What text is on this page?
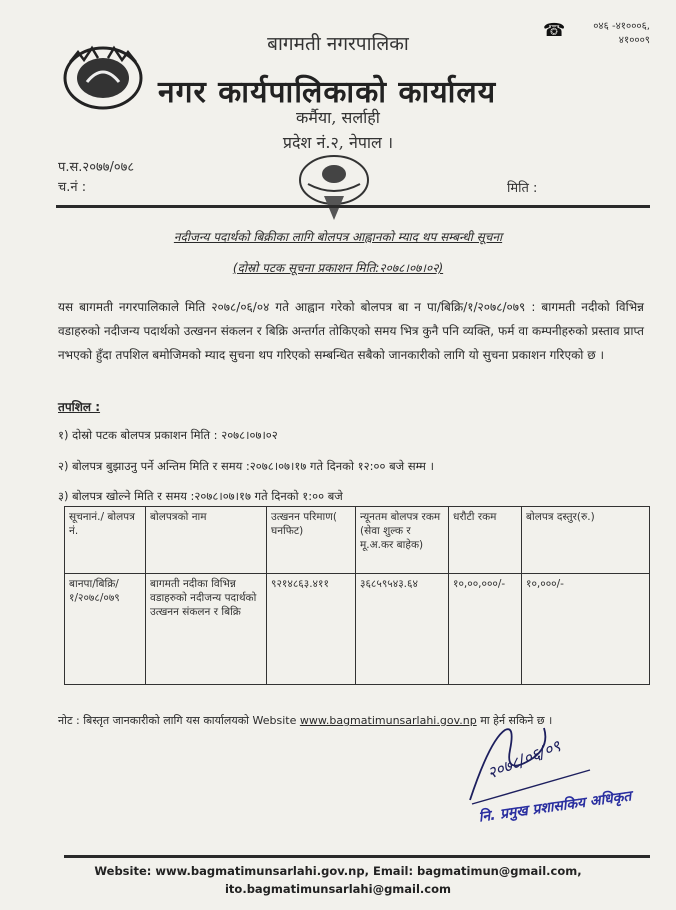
☎	०४६ -४१०००६,
४१०००९
बागमती नगरपालिका
नगर कार्यपालिकाको कार्यालय
कर्मैया, सर्लाही
प्रदेश नं.२, नेपाल ।
प.स.२०७७/०७८
च.नं :	मिति :
नदीजन्य पदार्थको बिक्रीका लागि बोलपत्र आह्वानको म्याद थप सम्बन्धी सूचना
(दोस्रो पटक सूचना प्रकाशन मिति:२०७८।०७।०२)
यस बागमती नगरपालिकाले मिति २०७८/०६/०४ गते आह्वान गरेको बोलपत्र बा न पा/बिक्रि/१/२०७८/०७९ : बागमती नदीको विभिन्न वडाहरुको नदीजन्य पदार्थको उत्खनन संकलन र बिक्रि अन्तर्गत तोकिएको समय भित्र कुनै पनि व्यक्ति, फर्म वा कम्पनीहरुको प्रस्ताव प्राप्त नभएको हुँदा तपशिल बमोजिमको म्याद सुचना थप गरिएको सम्बन्धित सबैको जानकारीको लागि यो सुचना प्रकाशन गरिएको छ ।
तपशिल :
१) दोस्रो पटक बोलपत्र प्रकाशन मिति : २०७८।०७।०२
२) बोलपत्र बुझाउनु पर्ने अन्तिम मिति र समय :२०७८।०७।१७ गते दिनको १२:०० बजे सम्म ।
३) बोलपत्र खोल्ने मिति र समय :२०७८।०७।१७ गते दिनको १:०० बजे
सूचनानं./ बोलपत्र नं.	बोलपत्रको नाम	उत्खनन परिमाण( घनफिट)	न्यूनतम बोलपत्र रकम (सेवा शुल्क र मू.अ.कर बाहेक)	धरौटी रकम	बोलपत्र दस्तुर(रु.)
बानपा/बिक्रि/ १/२०७८/०७९	बागमती नदीका विभिन्न वडाहरुको नदीजन्य पदार्थको उत्खनन संकलन र बिक्रि	९२१४८६३.४११	३६८५९५४३.६४	१०,००,०००/-	१०,०००/-
नोट : बिस्तृत जानकारीको लागि यस कार्यालयको Website www.bagmatimunsarlahi.gov.np मा हेर्न सकिने छ ।
२०७८/०६/०९
नि. प्रमुख प्रशासकिय अधिकृत
Website: www.bagmatimunsarlahi.gov.np, Email: bagmatimun@gmail.com,
ito.bagmatimunsarlahi@gmail.com
